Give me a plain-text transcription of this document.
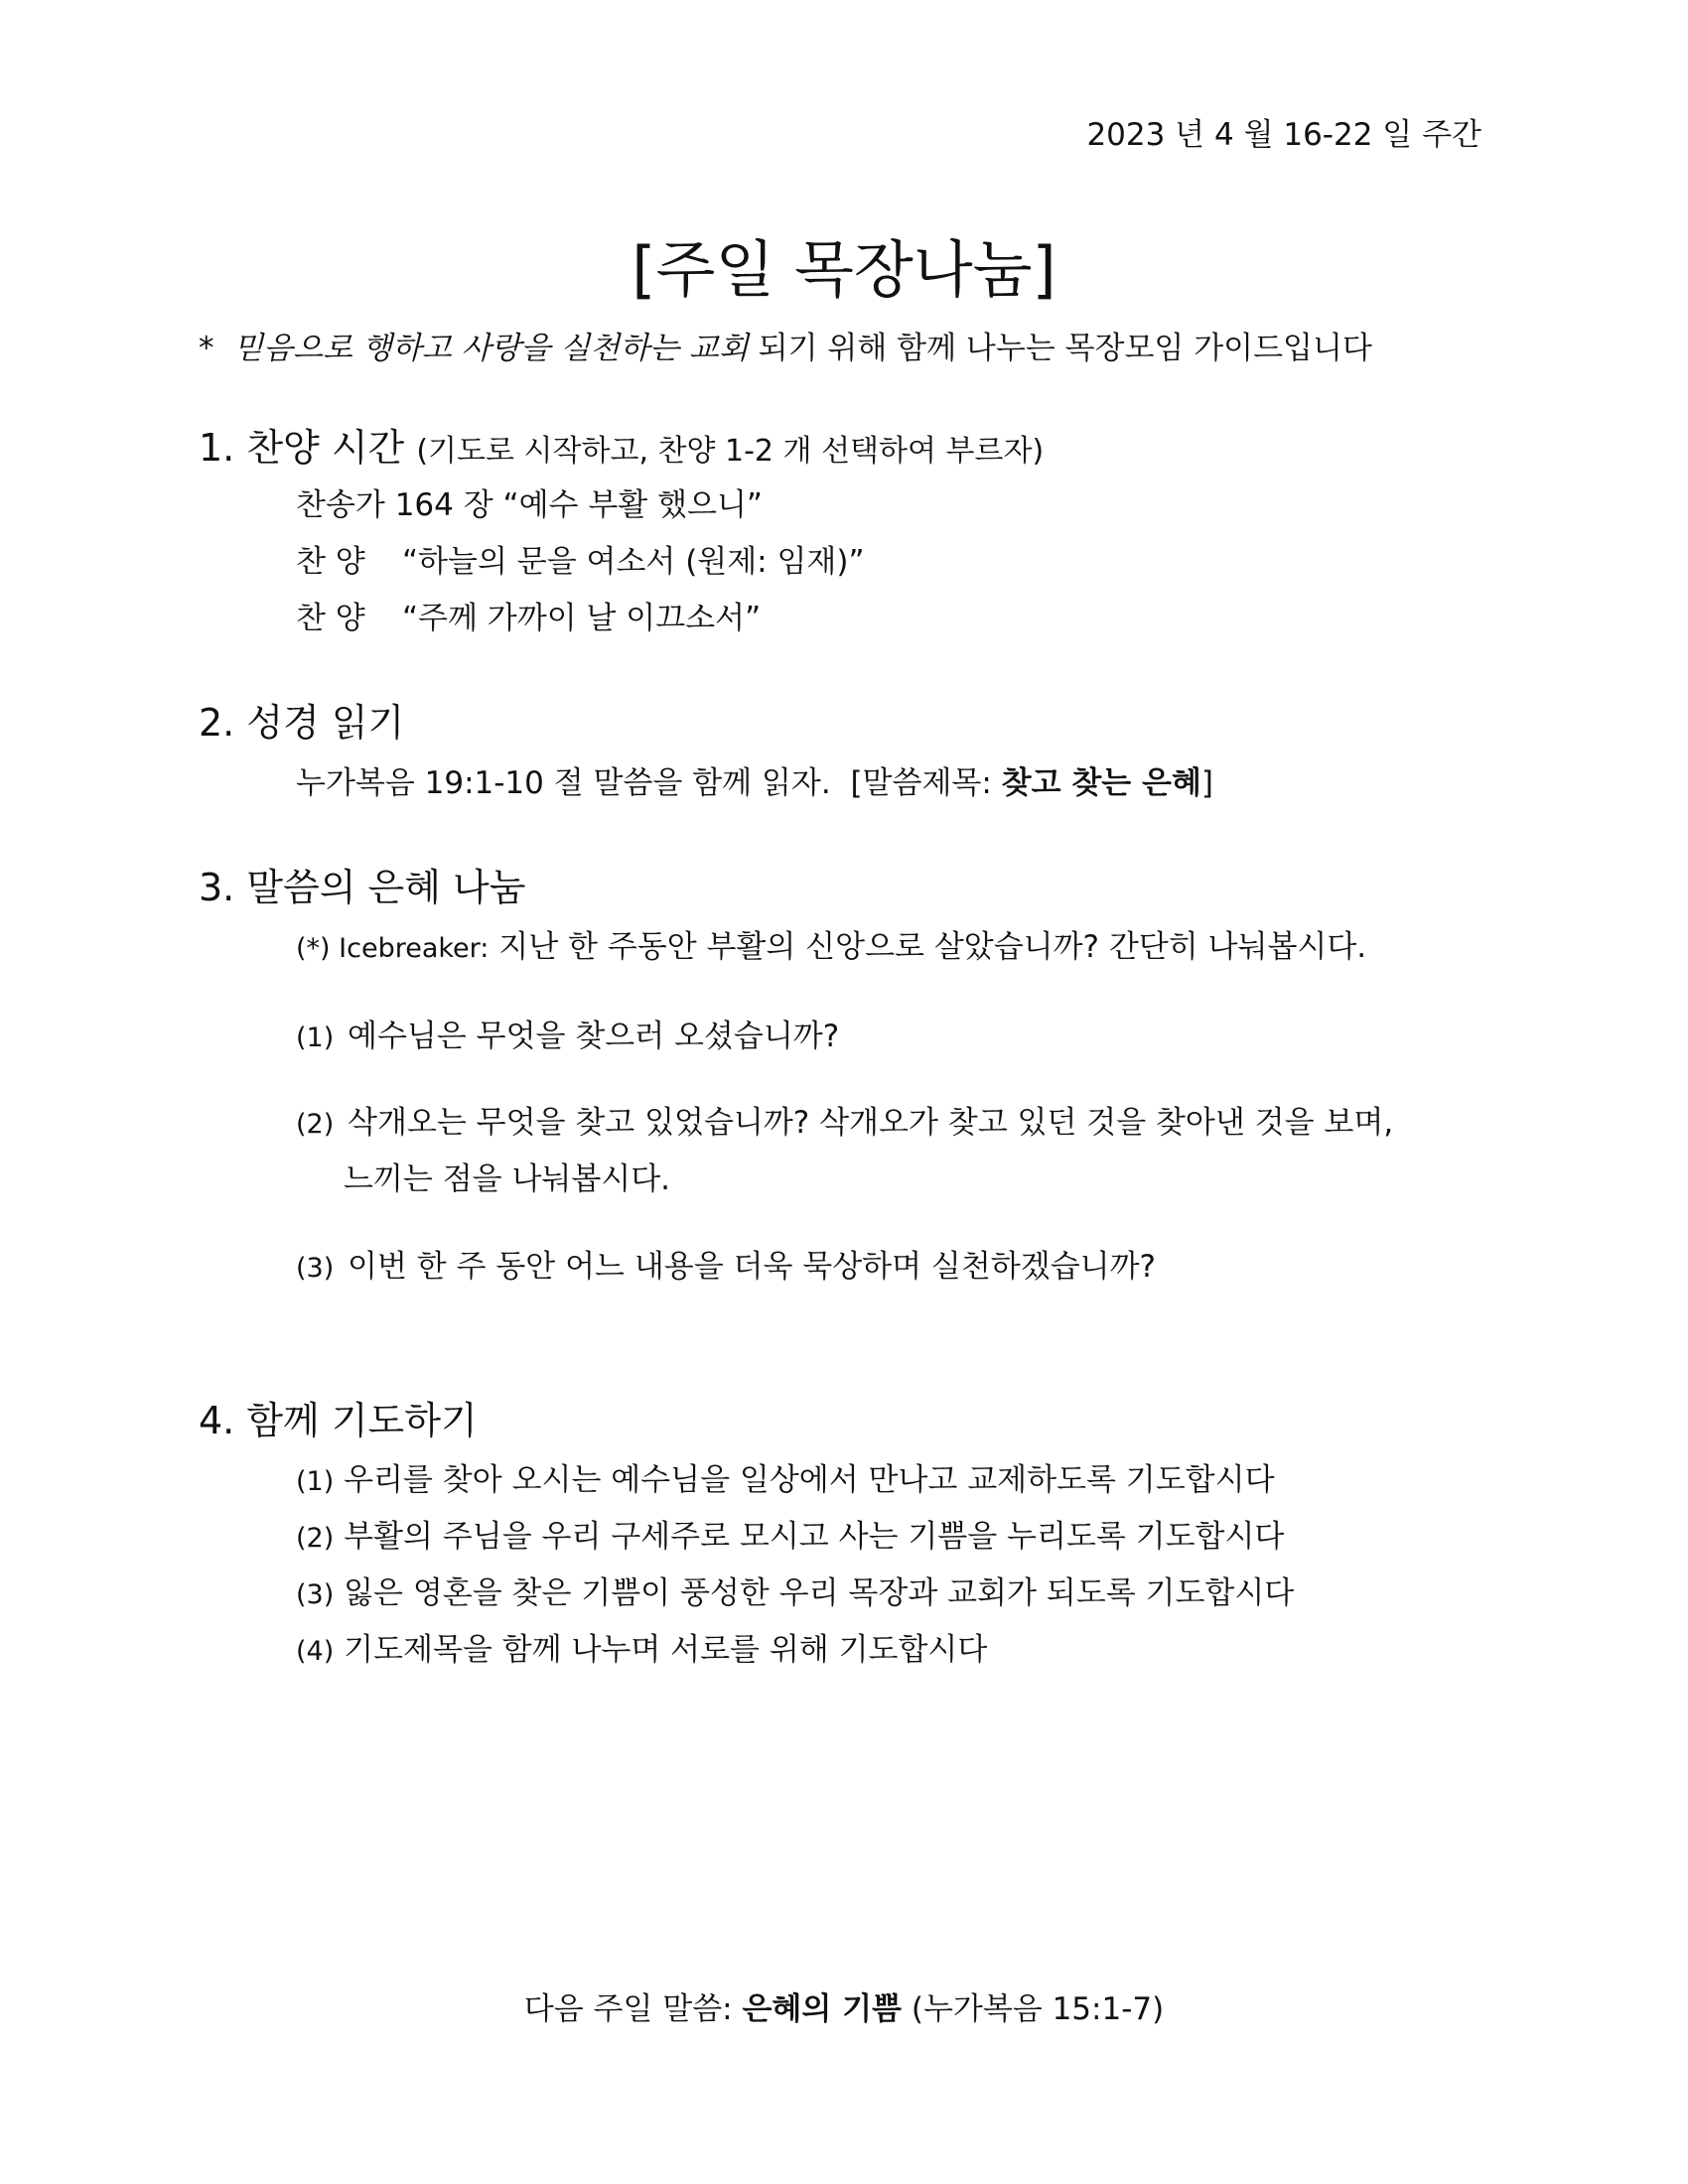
2023 년 4 월 16-22 일 주간
[주일 목장나눔]
* 믿음으로 행하고 사랑을 실천하는 교회 되기 위해 함께 나누는 목장모임 가이드입니다
1. 찬양 시간 (기도로 시작하고, 찬양 1-2 개 선택하여 부르자)
찬송가 164 장 “예수 부활 했으니”
찬 양 “하늘의 문을 여소서 (원제: 임재)”
찬 양 “주께 가까이 날 이끄소서”
2. 성경 읽기
누가복음 19:1-10 절 말씀을 함께 읽자. [말씀제목: 찾고 찾는 은혜]
3. 말씀의 은혜 나눔
(*) Icebreaker: 지난 한 주동안 부활의 신앙으로 살았습니까? 간단히 나눠봅시다.
(1) 예수님은 무엇을 찾으러 오셨습니까?
(2) 삭개오는 무엇을 찾고 있었습니까? 삭개오가 찾고 있던 것을 찾아낸 것을 보며,
느끼는 점을 나눠봅시다.
(3) 이번 한 주 동안 어느 내용을 더욱 묵상하며 실천하겠습니까?
4. 함께 기도하기
(1) 우리를 찾아 오시는 예수님을 일상에서 만나고 교제하도록 기도합시다
(2) 부활의 주님을 우리 구세주로 모시고 사는 기쁨을 누리도록 기도합시다
(3) 잃은 영혼을 찾은 기쁨이 풍성한 우리 목장과 교회가 되도록 기도합시다
(4) 기도제목을 함께 나누며 서로를 위해 기도합시다
다음 주일 말씀: 은혜의 기쁨 (누가복음 15:1-7)
